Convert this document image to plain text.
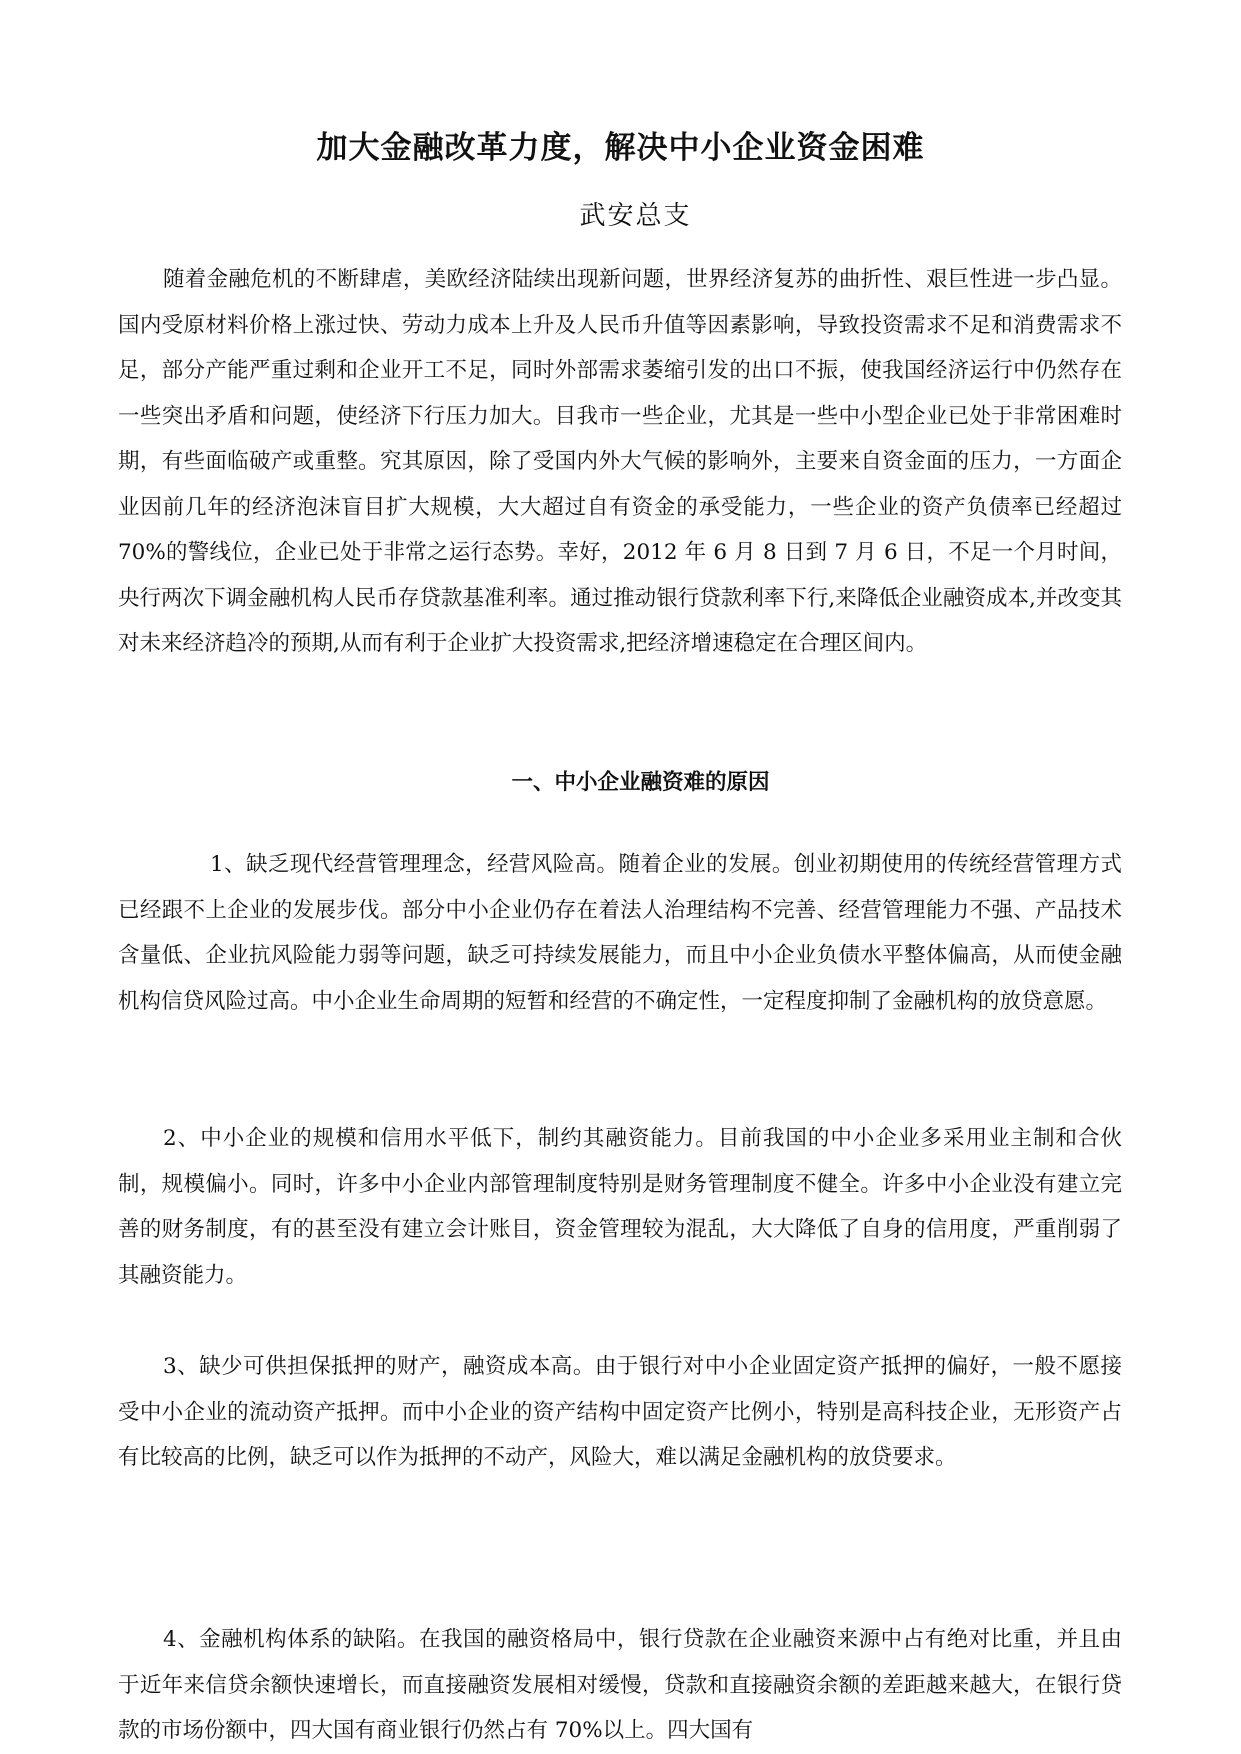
加大金融改革力度，解决中小企业资金困难
武安总支

随着金融危机的不断肆虐，美欧经济陆续出现新问题，世界经济复苏的曲折性、艰巨性进一步凸显。国内受原材料价格上涨过快、劳动力成本上升及人民币升值等因素影响，导致投资需求不足和消费需求不足，部分产能严重过剩和企业开工不足，同时外部需求萎缩引发的出口不振，使我国经济运行中仍然存在一些突出矛盾和问题，使经济下行压力加大。目我市一些企业，尤其是一些中小型企业已处于非常困难时期，有些面临破产或重整。究其原因，除了受国内外大气候的影响外，主要来自资金面的压力，一方面企业因前几年的经济泡沫盲目扩大规模，大大超过自有资金的承受能力，一些企业的资产负债率已经超过 70%的警线位，企业已处于非常之运行态势。幸好，2012 年 6 月 8 日到 7 月 6 日，不足一个月时间，央行两次下调金融机构人民币存贷款基准利率。通过推动银行贷款利率下行,来降低企业融资成本,并改变其对未来经济趋冷的预期,从而有利于企业扩大投资需求,把经济增速稳定在合理区间内。

一、中小企业融资难的原因

1、缺乏现代经营管理理念，经营风险高。随着企业的发展。创业初期使用的传统经营管理方式已经跟不上企业的发展步伐。部分中小企业仍存在着法人治理结构不完善、经营管理能力不强、产品技术含量低、企业抗风险能力弱等问题，缺乏可持续发展能力，而且中小企业负债水平整体偏高，从而使金融机构信贷风险过高。中小企业生命周期的短暂和经营的不确定性，一定程度抑制了金融机构的放贷意愿。

2、中小企业的规模和信用水平低下，制约其融资能力。目前我国的中小企业多采用业主制和合伙制，规模偏小。同时，许多中小企业内部管理制度特别是财务管理制度不健全。许多中小企业没有建立完善的财务制度，有的甚至没有建立会计账目，资金管理较为混乱，大大降低了自身的信用度，严重削弱了其融资能力。

3、缺少可供担保抵押的财产，融资成本高。由于银行对中小企业固定资产抵押的偏好，一般不愿接受中小企业的流动资产抵押。而中小企业的资产结构中固定资产比例小，特别是高科技企业，无形资产占有比较高的比例，缺乏可以作为抵押的不动产，风险大，难以满足金融机构的放贷要求。

4、金融机构体系的缺陷。在我国的融资格局中，银行贷款在企业融资来源中占有绝对比重，并且由于近年来信贷余额快速增长，而直接融资发展相对缓慢，贷款和直接融资余额的差距越来越大，在银行贷款的市场份额中，四大国有商业银行仍然占有 70%以上。四大国有
